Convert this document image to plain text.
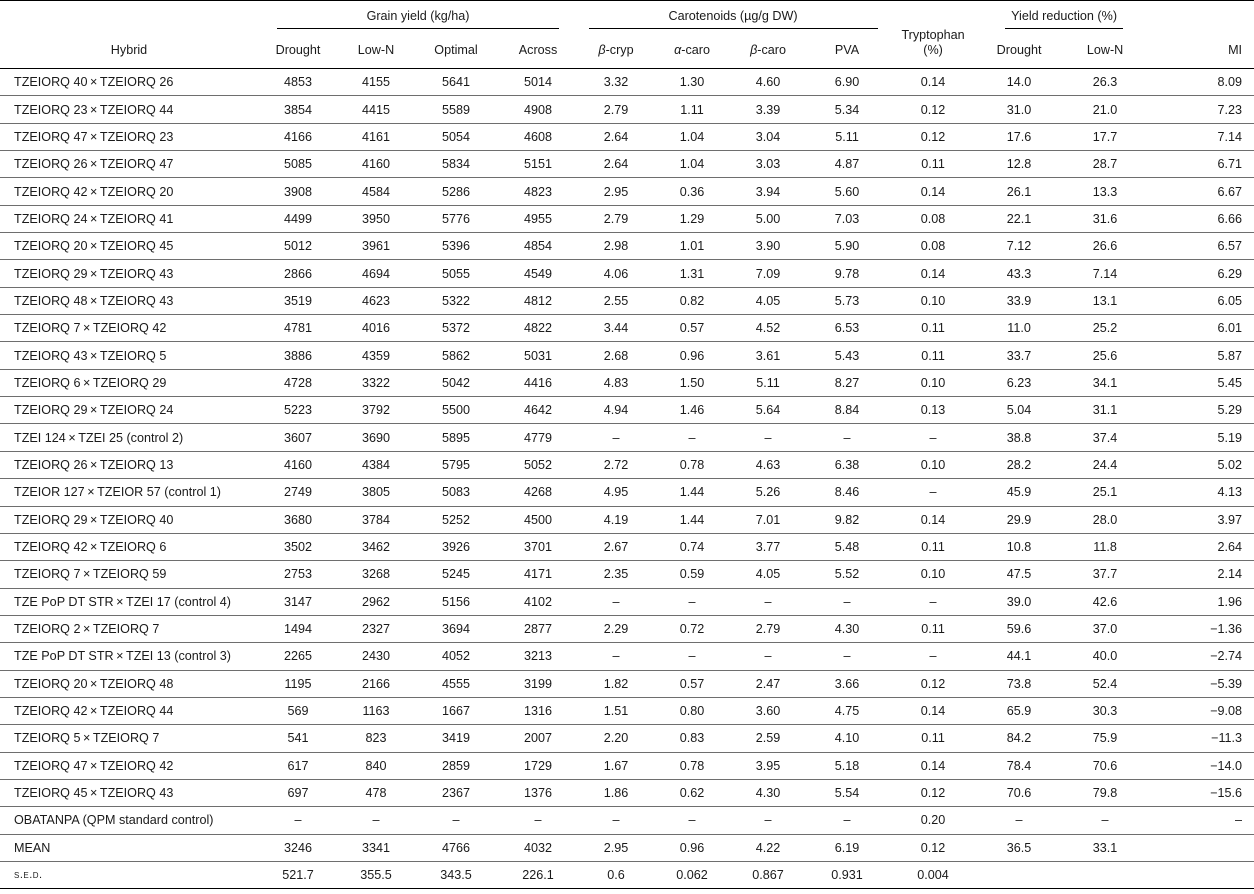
	Grain yield (kg/ha)				Carotenoids (µg/g DW)				Tryptophan	Yield reduction (%)		
Hybrid	Drought	Low-N	Optimal	Across	β-cryp	α-caro	β-caro	PVA	(%)	Drought	Low-N	MI
TZEIORQ 40 × TZEIORQ 26	4853	4155	5641	5014	3.32	1.30	4.60	6.90	0.14	14.0	26.3	8.09
TZEIORQ 23 × TZEIORQ 44	3854	4415	5589	4908	2.79	1.11	3.39	5.34	0.12	31.0	21.0	7.23
TZEIORQ 47 × TZEIORQ 23	4166	4161	5054	4608	2.64	1.04	3.04	5.11	0.12	17.6	17.7	7.14
TZEIORQ 26 × TZEIORQ 47	5085	4160	5834	5151	2.64	1.04	3.03	4.87	0.11	12.8	28.7	6.71
TZEIORQ 42 × TZEIORQ 20	3908	4584	5286	4823	2.95	0.36	3.94	5.60	0.14	26.1	13.3	6.67
TZEIORQ 24 × TZEIORQ 41	4499	3950	5776	4955	2.79	1.29	5.00	7.03	0.08	22.1	31.6	6.66
TZEIORQ 20 × TZEIORQ 45	5012	3961	5396	4854	2.98	1.01	3.90	5.90	0.08	7.12	26.6	6.57
TZEIORQ 29 × TZEIORQ 43	2866	4694	5055	4549	4.06	1.31	7.09	9.78	0.14	43.3	7.14	6.29
TZEIORQ 48 × TZEIORQ 43	3519	4623	5322	4812	2.55	0.82	4.05	5.73	0.10	33.9	13.1	6.05
TZEIORQ 7 × TZEIORQ 42	4781	4016	5372	4822	3.44	0.57	4.52	6.53	0.11	11.0	25.2	6.01
TZEIORQ 43 × TZEIORQ 5	3886	4359	5862	5031	2.68	0.96	3.61	5.43	0.11	33.7	25.6	5.87
TZEIORQ 6 × TZEIORQ 29	4728	3322	5042	4416	4.83	1.50	5.11	8.27	0.10	6.23	34.1	5.45
TZEIORQ 29 × TZEIORQ 24	5223	3792	5500	4642	4.94	1.46	5.64	8.84	0.13	5.04	31.1	5.29
TZEI 124 × TZEI 25 (control 2)	3607	3690	5895	4779	–	–	–	–	–	38.8	37.4	5.19
TZEIORQ 26 × TZEIORQ 13	4160	4384	5795	5052	2.72	0.78	4.63	6.38	0.10	28.2	24.4	5.02
TZEIOR 127 × TZEIOR 57 (control 1)	2749	3805	5083	4268	4.95	1.44	5.26	8.46	–	45.9	25.1	4.13
TZEIORQ 29 × TZEIORQ 40	3680	3784	5252	4500	4.19	1.44	7.01	9.82	0.14	29.9	28.0	3.97
TZEIORQ 42 × TZEIORQ 6	3502	3462	3926	3701	2.67	0.74	3.77	5.48	0.11	10.8	11.8	2.64
TZEIORQ 7 × TZEIORQ 59	2753	3268	5245	4171	2.35	0.59	4.05	5.52	0.10	47.5	37.7	2.14
TZE PoP DT STR × TZEI 17 (control 4)	3147	2962	5156	4102	–	–	–	–	–	39.0	42.6	1.96
TZEIORQ 2 × TZEIORQ 7	1494	2327	3694	2877	2.29	0.72	2.79	4.30	0.11	59.6	37.0	−1.36
TZE PoP DT STR × TZEI 13 (control 3)	2265	2430	4052	3213	–	–	–	–	–	44.1	40.0	−2.74
TZEIORQ 20 × TZEIORQ 48	1195	2166	4555	3199	1.82	0.57	2.47	3.66	0.12	73.8	52.4	−5.39
TZEIORQ 42 × TZEIORQ 44	569	1163	1667	1316	1.51	0.80	3.60	4.75	0.14	65.9	30.3	−9.08
TZEIORQ 5 × TZEIORQ 7	541	823	3419	2007	2.20	0.83	2.59	4.10	0.11	84.2	75.9	−11.3
TZEIORQ 47 × TZEIORQ 42	617	840	2859	1729	1.67	0.78	3.95	5.18	0.14	78.4	70.6	−14.0
TZEIORQ 45 × TZEIORQ 43	697	478	2367	1376	1.86	0.62	4.30	5.54	0.12	70.6	79.8	−15.6
OBATANPA (QPM standard control)	–	–	–	–	–	–	–	–	0.20	–	–	–
MEAN	3246	3341	4766	4032	2.95	0.96	4.22	6.19	0.12	36.5	33.1	
s.e.d.	521.7	355.5	343.5	226.1	0.6	0.062	0.867	0.931	0.004			
